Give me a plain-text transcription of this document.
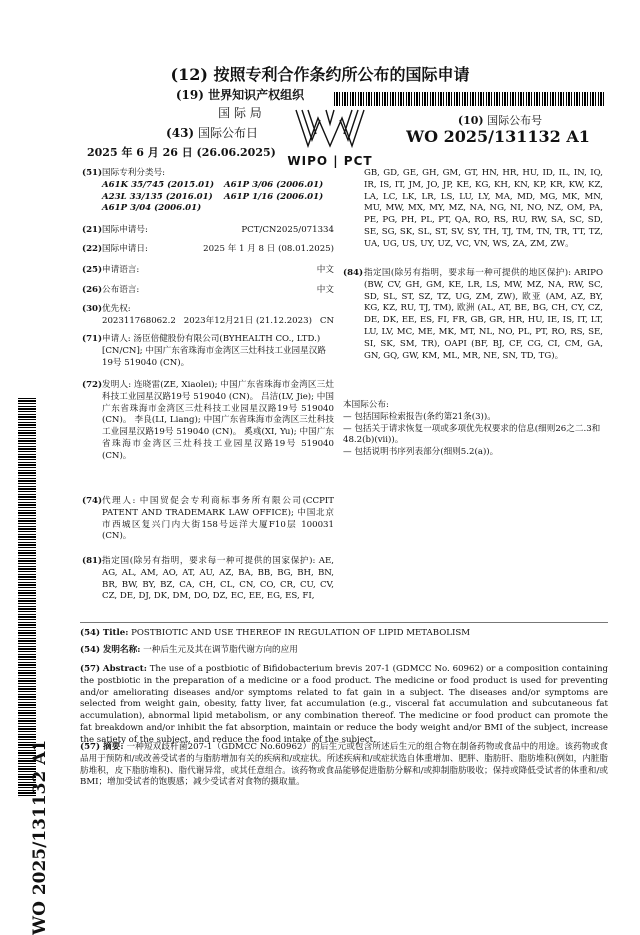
(12) 按照专利合作条约所公布的国际申请
(19) 世界知识产权组织
国 际 局
(43) 国际公布日
2025 年 6 月 26 日 (26.06.2025)
WIPO | PCT
(10) 国际公布号
WO 2025/131132 A1
WO 2025/131132 A1
(51) 国际专利分类号:
A61K 35/745 (2015.01)	A61P 3/06 (2006.01)
A23L 33/135 (2016.01)	A61P 1/16 (2006.01)
A61P 3/04 (2006.01)
(21) 国际申请号:	PCT/CN2025/071334
(22) 国际申请日:	2025 年 1 月 8 日 (08.01.2025)
(25) 申请语言:	中文
(26) 公布语言:	中文
(30) 优先权:
202311768062.2 2023年12月21日 (21.12.2023) CN
(71) 申请人: 汤臣倍健股份有限公司(BYHEALTH CO., LTD.) [CN/CN]; 中国广东省珠海市金湾区三灶科技工业园星汉路19号 519040 (CN)。
(72) 发明人: 连晓雷(ZE, Xiaolei); 中国广东省珠海市金湾区三灶科技工业园星汉路19号 519040 (CN)。 吕洁(LV, Jie); 中国广东省珠海市金湾区三灶科技工业园星汉路19号 519040 (CN)。 李良(LI, Liang); 中国广东省珠海市金湾区三灶科技工业园星汉路19号 519040 (CN)。 奚彧(XI, Yu); 中国广东省珠海市金湾区三灶科技工业园星汉路19号 519040 (CN)。
(74) 代理人: 中国贸促会专利商标事务所有限公司(CCPIT PATENT AND TRADEMARK LAW OFFICE); 中国北京市西城区复兴门内大街158号远洋大厦F10层 100031 (CN)。
(81) 指定国(除另有指明，要求每一种可提供的国家保护): AE, AG, AL, AM, AO, AT, AU, AZ, BA, BB, BG, BH, BN, BR, BW, BY, BZ, CA, CH, CL, CN, CO, CR, CU, CV, CZ, DE, DJ, DK, DM, DO, DZ, EC, EE, EG, ES, FI,
GB, GD, GE, GH, GM, GT, HN, HR, HU, ID, IL, IN, IQ, IR, IS, IT, JM, JO, JP, KE, KG, KH, KN, KP, KR, KW, KZ, LA, LC, LK, LR, LS, LU, LY, MA, MD, MG, MK, MN, MU, MW, MX, MY, MZ, NA, NG, NI, NO, NZ, OM, PA, PE, PG, PH, PL, PT, QA, RO, RS, RU, RW, SA, SC, SD, SE, SG, SK, SL, ST, SV, SY, TH, TJ, TM, TN, TR, TT, TZ, UA, UG, US, UY, UZ, VC, VN, WS, ZA, ZM, ZW。
(84) 指定国(除另有指明，要求每一种可提供的地区保护): ARIPO (BW, CV, GH, GM, KE, LR, LS, MW, MZ, NA, RW, SC, SD, SL, ST, SZ, TZ, UG, ZM, ZW), 欧亚 (AM, AZ, BY, KG, KZ, RU, TJ, TM), 欧洲 (AL, AT, BE, BG, CH, CY, CZ, DE, DK, EE, ES, FI, FR, GB, GR, HR, HU, IE, IS, IT, LT, LU, LV, MC, ME, MK, MT, NL, NO, PL, PT, RO, RS, SE, SI, SK, SM, TR), OAPI (BF, BJ, CF, CG, CI, CM, GA, GN, GQ, GW, KM, ML, MR, NE, SN, TD, TG)。
本国际公布:
— 包括国际检索报告(条约第21条(3))。
— 包括关于请求恢复一项或多项优先权要求的信息(细则26之二.3和48.2(b)(vii))。
— 包括说明书序列表部分(细则5.2(a))。
(54) Title: POSTBIOTIC AND USE THEREOF IN REGULATION OF LIPID METABOLISM
(54) 发明名称: 一种后生元及其在调节脂代谢方向的应用
(57) Abstract: The use of a postbiotic of Bifidobacterium brevis 207-1 (GDMCC No. 60962) or a composition containing the postbiotic in the preparation of a medicine or a food product. The medicine or food product is used for preventing and/or ameliorating diseases and/or symptoms related to fat gain in a subject. The diseases and/or symptoms are selected from weight gain, obesity, fatty liver, fat accumulation (e.g., visceral fat accumulation and subcutaneous fat accumulation), abnormal lipid metabolism, or any combination thereof. The medicine or food product can promote the fat breakdown and/or inhibit the fat absorption, maintain or reduce the body weight and/or BMI of the subject, increase the satiety of the subject, and reduce the food intake of the subject.
(57) 摘要: 一种短双歧杆菌207-1（GDMCC No.60962）的后生元或包含所述后生元的组合物在制备药物或食品中的用途。该药物或食品用于预防和/或改善受试者的与脂肪增加有关的疾病和/或症状。所述疾病和/或症状选自体重增加、肥胖、脂肪肝、脂肪堆积(例如，内脏脂肪堆积，皮下脂肪堆积)、脂代谢异常，或其任意组合。该药物或食品能够促进脂肪分解和/或抑制脂肪吸收；保持或降低受试者的体重和/或BMI；增加受试者的饱腹感；减少受试者对食物的摄取量。
